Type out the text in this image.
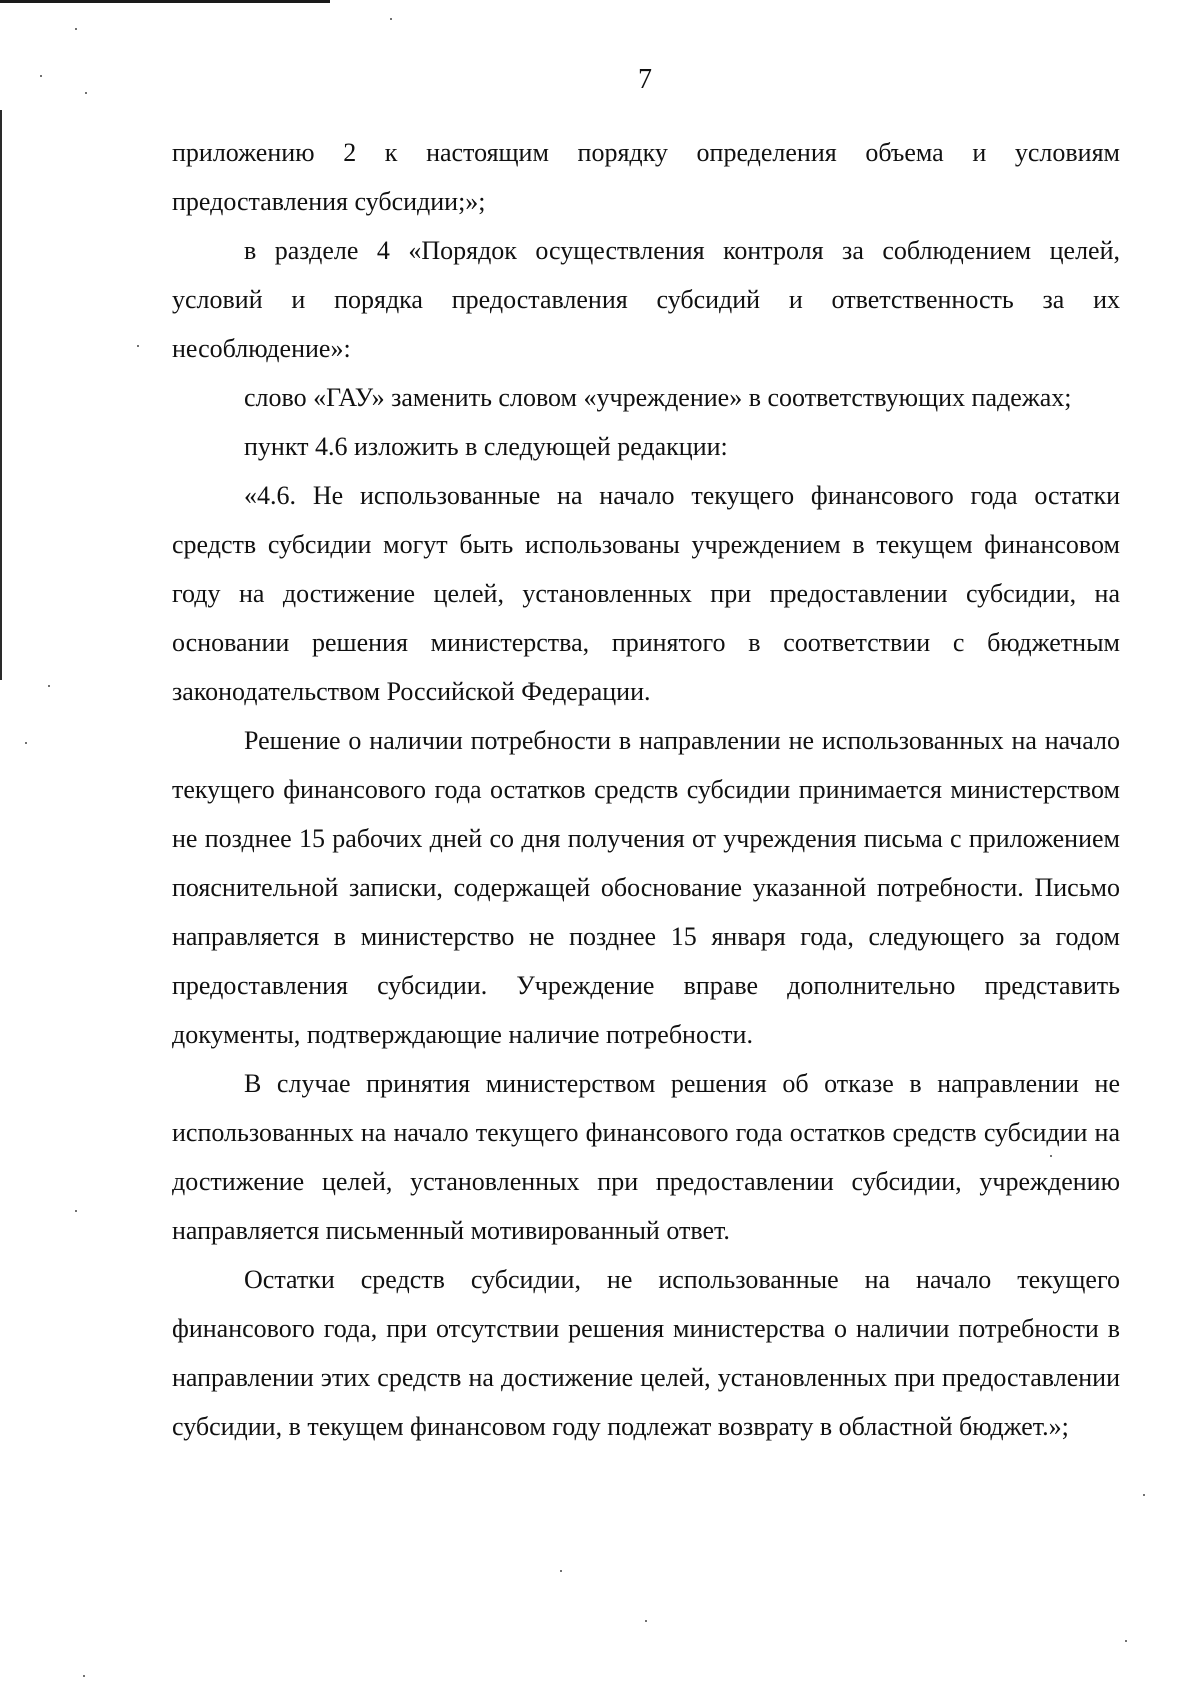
7

приложению 2 к настоящим порядку определения объема и условиям предоставления субсидии;»;

в разделе 4 «Порядок осуществления контроля за соблюдением целей, условий и порядка предоставления субсидий и ответственность за их несоблюдение»:

слово «ГАУ» заменить словом «учреждение» в соответствующих падежах;

пункт 4.6 изложить в следующей редакции:

«4.6. Не использованные на начало текущего финансового года остатки средств субсидии могут быть использованы учреждением в текущем финансовом году на достижение целей, установленных при предоставлении субсидии, на основании решения министерства, принятого в соответствии с бюджетным законодательством Российской Федерации.

Решение о наличии потребности в направлении не использованных на начало текущего финансового года остатков средств субсидии принимается министерством не позднее 15 рабочих дней со дня получения от учреждения письма с приложением пояснительной записки, содержащей обоснование указанной потребности. Письмо направляется в министерство не позднее 15 января года, следующего за годом предоставления субсидии. Учреждение вправе дополнительно представить документы, подтверждающие наличие потребности.

В случае принятия министерством решения об отказе в направлении не использованных на начало текущего финансового года остатков средств субсидии на достижение целей, установленных при предоставлении субсидии, учреждению направляется письменный мотивированный ответ.

Остатки средств субсидии, не использованные на начало текущего финансового года, при отсутствии решения министерства о наличии потребности в направлении этих средств на достижение целей, установленных при предоставлении субсидии, в текущем финансовом году подлежат возврату в областной бюджет.»;
